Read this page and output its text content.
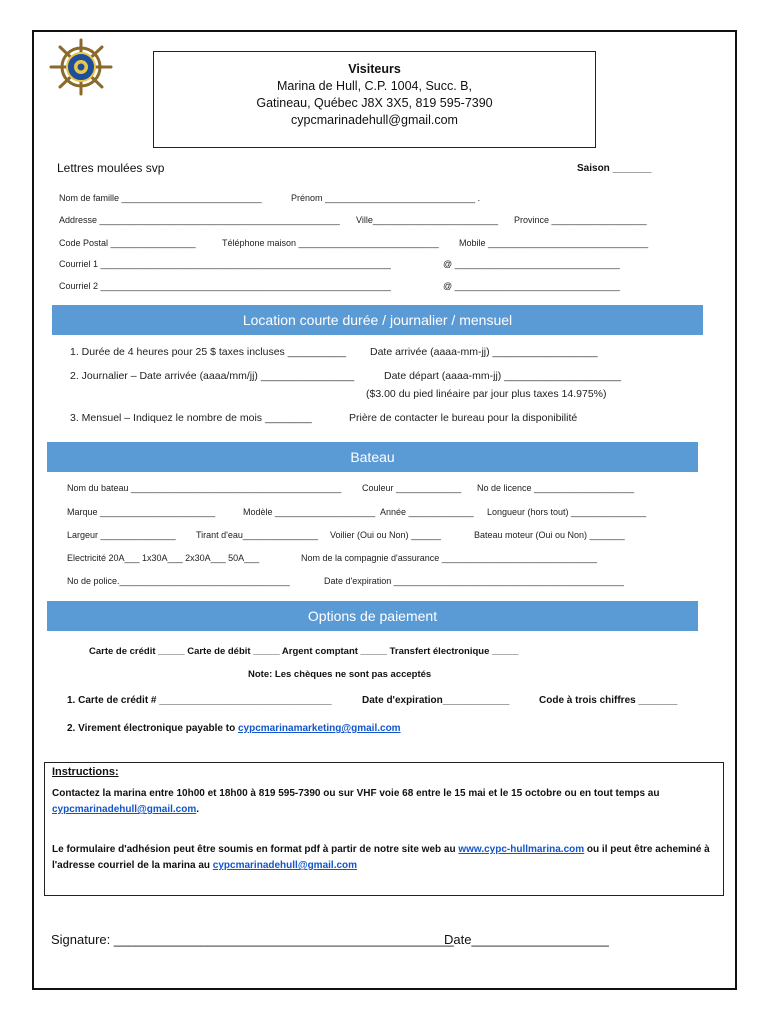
Visiteurs
Marina de Hull, C.P. 1004, Succ. B,
Gatineau, Québec J8X 3X5, 819 595-7390
cypcmarinadehull@gmail.com
Lettres moulées svp	Saison _______
Nom de famille ____________________________	Prénom ______________________________ .
Addresse ________________________________________________ Ville_________________________ Province ___________________
Code Postal _________________	Téléphone maison ____________________________ Mobile ________________________________
Courriel 1 __________________________________________________________	@ _________________________________
Courriel 2 __________________________________________________________	@ _________________________________
Location courte durée / journalier / mensuel
1. Durée de 4 heures pour 25 $ taxes incluses __________ Date arrivée (aaaa-mm-jj) __________________
2. Journalier – Date arrivée (aaaa/mm/jj) ________________	Date départ (aaaa-mm-jj) ____________________
($3.00 du pied linéaire par jour plus taxes 14.975%)
3. Mensuel – Indiquez le nombre de mois ________	Prière de contacter le bureau pour la disponibilité
Bateau
Nom du bateau __________________________________________ Couleur _____________ No de licence ____________________
Marque _______________________	Modèle ____________________ Année _____________ Longueur (hors tout) _______________
Largeur _______________ Tirant d'eau_______________ Voilier (Oui ou Non) ______	Bateau moteur (Oui ou Non) _______
Electricité 20A___ 1x30A___ 2x30A___ 50A___	Nom de la compagnie d'assurance _______________________________
No de police.__________________________________	Date d'expiration ______________________________________________
Options de paiement
Carte de crédit _____ Carte de débit _____ Argent comptant _____ Transfert électronique _____
Note: Les chèques ne sont pas acceptés
1. Carte de crédit # _______________________________	Date d'expiration____________	Code à trois chiffres _______
2. Virement électronique payable to cypcmarinamarketing@gmail.com
Instructions:
Contactez la marina entre 10h00 et 18h00 à 819 595-7390 ou sur VHF voie 68 entre le 15 mai et le 15 octobre ou en tout temps au cypcmarinadehull@gmail.com.
Le formulaire d'adhésion peut être soumis en format pdf à partir de notre site web au www.cypc-hullmarina.com ou il peut être acheminé à l'adresse courriel de la marina au cypcmarinadehull@gmail.com
Signature: _______________________________________________
Date___________________
